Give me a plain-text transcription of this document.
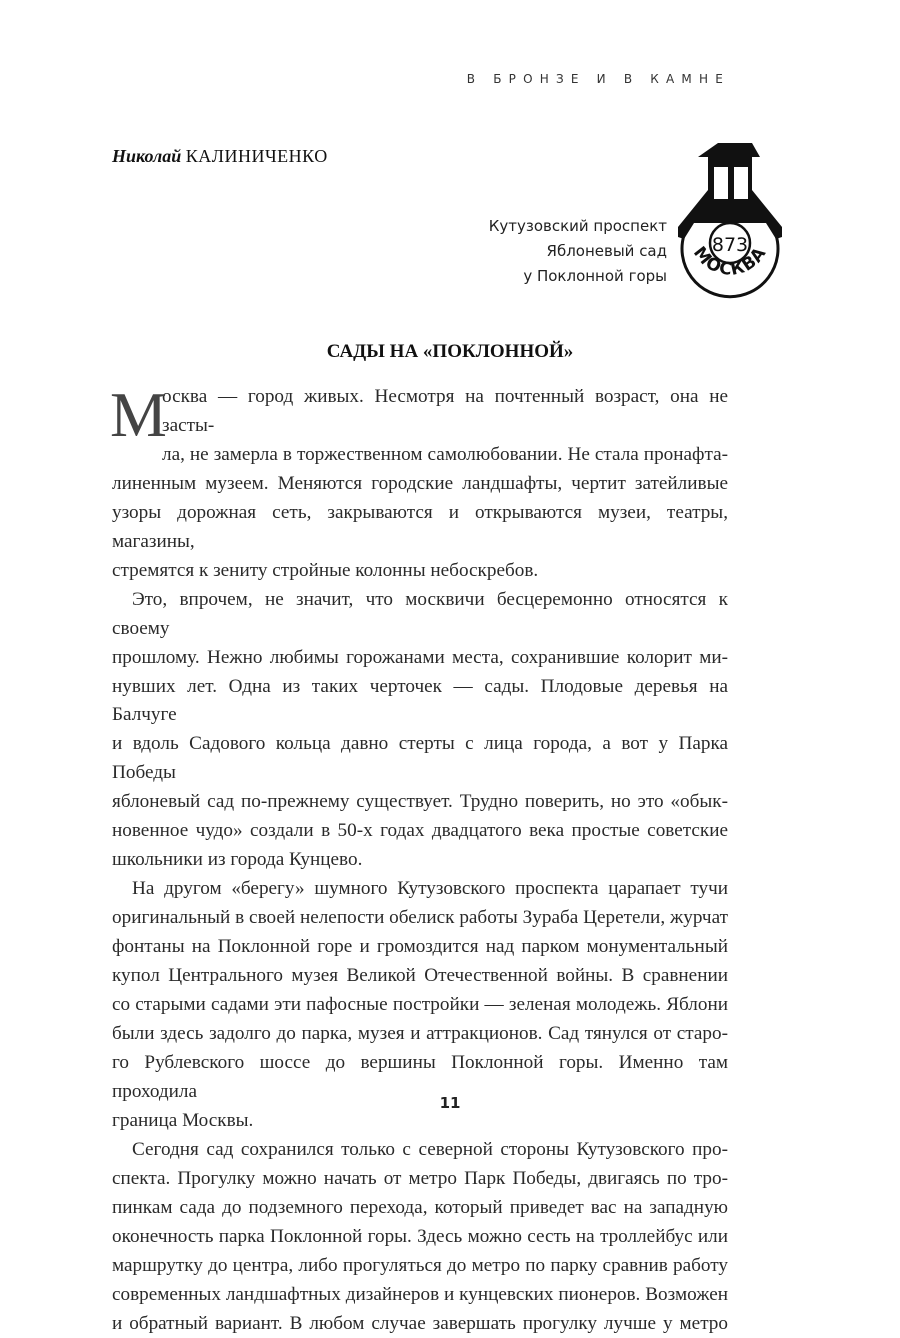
В БРОНЗЕ И В КАМНЕ
Николай КАЛИНИЧЕНКО
Кутузовский проспект
Яблоневый сад
у Поклонной горы
873
МОСКВА
САДЫ НА «ПОКЛОННОЙ»
М
осква — город живых. Несмотря на почтенный возраст, она не засты-
ла, не замерла в торжественном самолюбовании. Не стала пронафта-
линенным музеем. Меняются городские ландшафты, чертит затейливые
узоры дорожная сеть, закрываются и открываются музеи, театры, магазины,
стремятся к зениту стройные колонны небоскребов.
Это, впрочем, не значит, что москвичи бесцеремонно относятся к своему
прошлому. Нежно любимы горожанами места, сохранившие колорит ми-
нувших лет. Одна из таких черточек — сады. Плодовые деревья на Балчуге
и вдоль Садового кольца давно стерты с лица города, а вот у Парка Победы
яблоневый сад по-прежнему существует. Трудно поверить, но это «обык-
новенное чудо» создали в 50-х годах двадцатого века простые советские
школьники из города Кунцево.
На другом «берегу» шумного Кутузовского проспекта царапает тучи
оригинальный в своей нелепости обелиск работы Зураба Церетели, журчат
фонтаны на Поклонной горе и громоздится над парком монументальный
купол Центрального музея Великой Отечественной войны. В сравнении
со старыми садами эти пафосные постройки — зеленая молодежь. Яблони
были здесь задолго до парка, музея и аттракционов. Сад тянулся от старо-
го Рублевского шоссе до вершины Поклонной горы. Именно там проходила
граница Москвы.
Сегодня сад сохранился только с северной стороны Кутузовского про-
спекта. Прогулку можно начать от метро Парк Победы, двигаясь по тро-
пинкам сада до подземного перехода, который приведет вас на западную
оконечность парка Поклонной горы. Здесь можно сесть на троллейбус или
маршрутку до центра, либо прогуляться до метро по парку сравнив работу
современных ландшафтных дизайнеров и кунцевских пионеров. Возможен
и обратный вариант. В любом случае завершать прогулку лучше у метро
11
